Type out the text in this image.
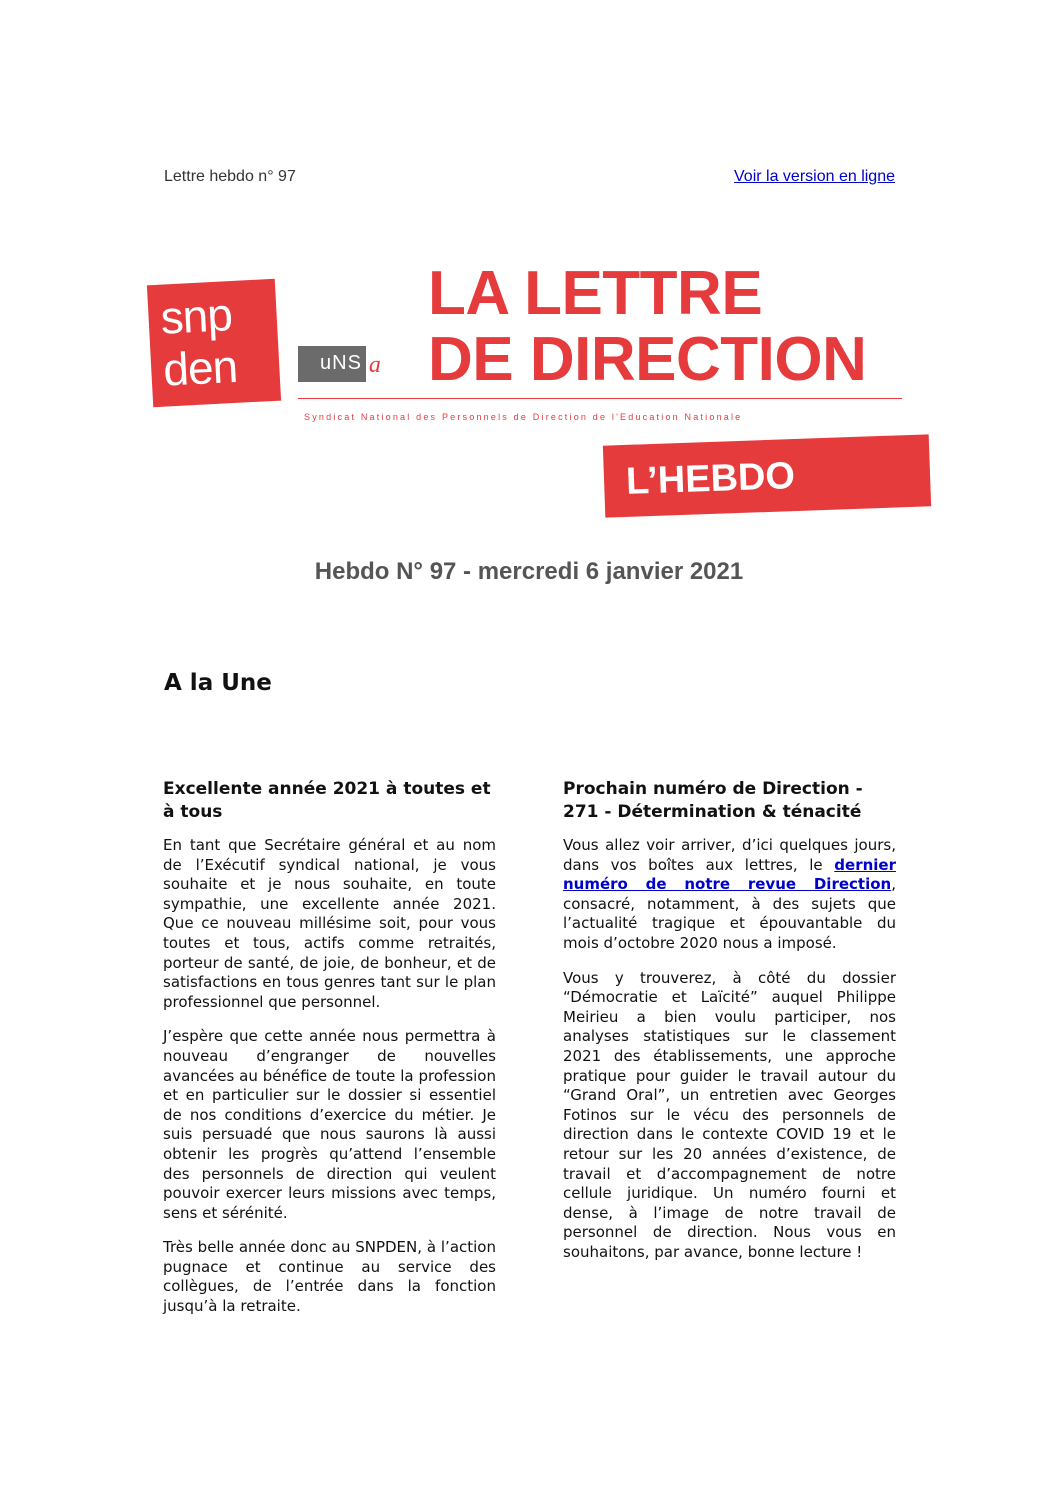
Lettre hebdo n° 97	Voir la version en ligne
snp
den	uNS a
LA LETTRE
DE DIRECTION
Syndicat National des Personnels de Direction de l'Education Nationale
L’HEBDO
Hebdo N° 97 - mercredi 6 janvier 2021
A la Une
Excellente année 2021 à toutes et à tous

En tant que Secrétaire général et au nom de l’Exécutif syndical national, je vous souhaite et je nous souhaite, en toute sympathie, une excellente année 2021. Que ce nouveau millésime soit, pour vous toutes et tous, actifs comme retraités, porteur de santé, de joie, de bonheur, et de satisfactions en tous genres tant sur le plan professionnel que personnel.

J’espère que cette année nous permettra à nouveau d’engranger de nouvelles avancées au bénéfice de toute la profession et en particulier sur le dossier si essentiel de nos conditions d’exercice du métier. Je suis persuadé que nous saurons là aussi obtenir les progrès qu’attend l’ensemble des personnels de direction qui veulent pouvoir exercer leurs missions avec temps, sens et sérénité.

Très belle année donc au SNPDEN, à l’action pugnace et continue au service des collègues, de l’entrée dans la fonction jusqu’à la retraite.

Prochain numéro de Direction - 271 - Détermination & ténacité

Vous allez voir arriver, d’ici quelques jours, dans vos boîtes aux lettres, le dernier numéro de notre revue Direction, consacré, notamment, à des sujets que l’actualité tragique et épouvantable du mois d’octobre 2020 nous a imposé.

Vous y trouverez, à côté du dossier “Démocratie et Laïcité” auquel Philippe Meirieu a bien voulu participer, nos analyses statistiques sur le classement 2021 des établissements, une approche pratique pour guider le travail autour du “Grand Oral”, un entretien avec Georges Fotinos sur le vécu des personnels de direction dans le contexte COVID 19 et le retour sur les 20 années d’existence, de travail et d’accompagnement de notre cellule juridique. Un numéro fourni et dense, à l’image de notre travail de personnel de direction. Nous vous en souhaitons, par avance, bonne lecture !
